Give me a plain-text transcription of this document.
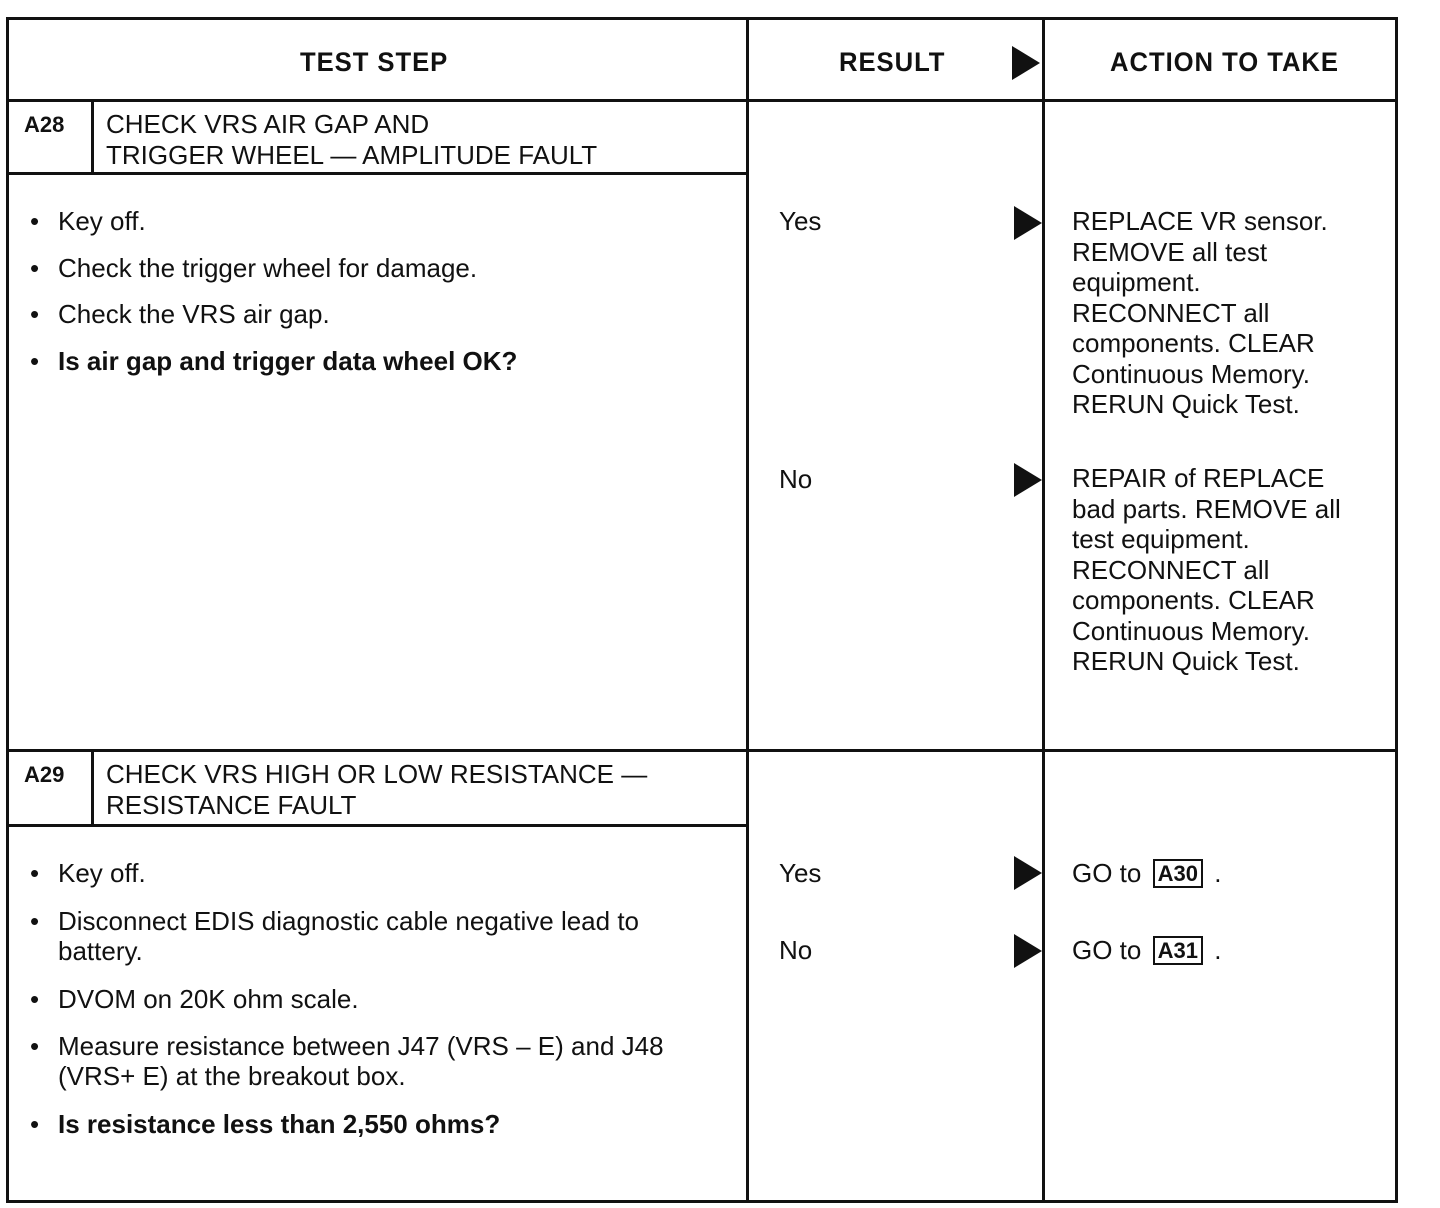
TEST STEP	RESULT	ACTION TO TAKE
A28 CHECK VRS AIR GAP AND
TRIGGER WHEEL — AMPLITUDE FAULT
• Key off.
• Check the trigger wheel for damage.
• Check the VRS air gap.
• Is air gap and trigger data wheel OK?
Yes	REPLACE VR sensor.
REMOVE all test
equipment.
RECONNECT all
components. CLEAR
Continuous Memory.
RERUN Quick Test.
No	REPAIR of REPLACE
bad parts. REMOVE all
test equipment.
RECONNECT all
components. CLEAR
Continuous Memory.
RERUN Quick Test.
A29 CHECK VRS HIGH OR LOW RESISTANCE —
RESISTANCE FAULT
• Key off.
• Disconnect EDIS diagnostic cable negative lead to battery.
• DVOM on 20K ohm scale.
• Measure resistance between J47 (VRS – E) and J48 (VRS+ E) at the breakout box.
• Is resistance less than 2,550 ohms?
Yes	GO to A30 .
No	GO to A31 .
